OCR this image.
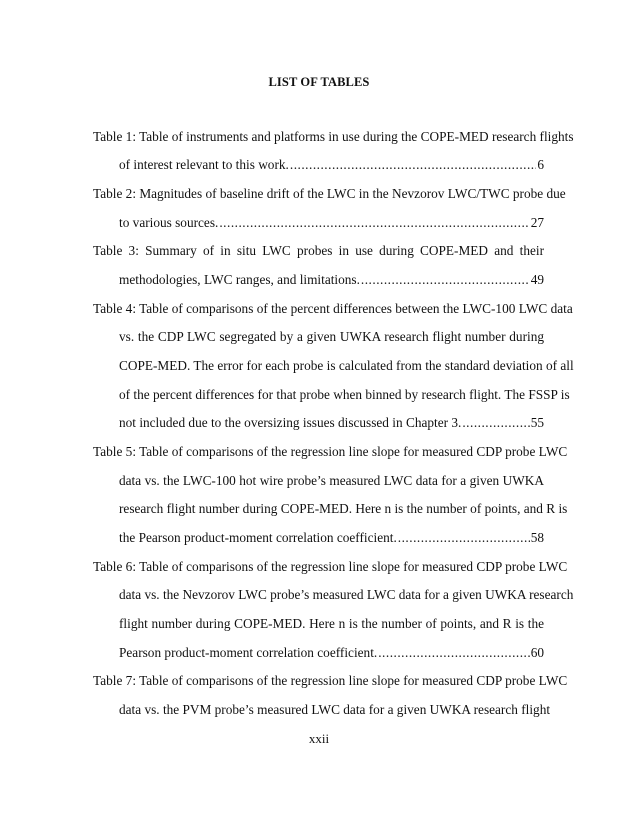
LIST OF TABLES
Table 1: Table of instruments and platforms in use during the COPE-MED research flights
of interest relevant to this work. .....	6
Table 2: Magnitudes of baseline drift of the LWC in the Nevzorov LWC/TWC probe due
to various sources. .....	27
Table 3: Summary of in situ LWC probes in use during COPE-MED and their
methodologies, LWC ranges, and limitations. .....	49
Table 4: Table of comparisons of the percent differences between the LWC-100 LWC data
vs. the CDP LWC segregated by a given UWKA research flight number during
COPE-MED. The error for each probe is calculated from the standard deviation of all
of the percent differences for that probe when binned by research flight. The FSSP is
not included due to the oversizing issues discussed in Chapter 3. .....	55
Table 5: Table of comparisons of the regression line slope for measured CDP probe LWC
data vs. the LWC-100 hot wire probe’s measured LWC data for a given UWKA
research flight number during COPE-MED. Here n is the number of points, and R is
the Pearson product-moment correlation coefficient. .....	58
Table 6: Table of comparisons of the regression line slope for measured CDP probe LWC
data vs. the Nevzorov LWC probe’s measured LWC data for a given UWKA research
flight number during COPE-MED. Here n is the number of points, and R is the
Pearson product-moment correlation coefficient. .....	60
Table 7: Table of comparisons of the regression line slope for measured CDP probe LWC
data vs. the PVM probe’s measured LWC data for a given UWKA research flight
xxii
